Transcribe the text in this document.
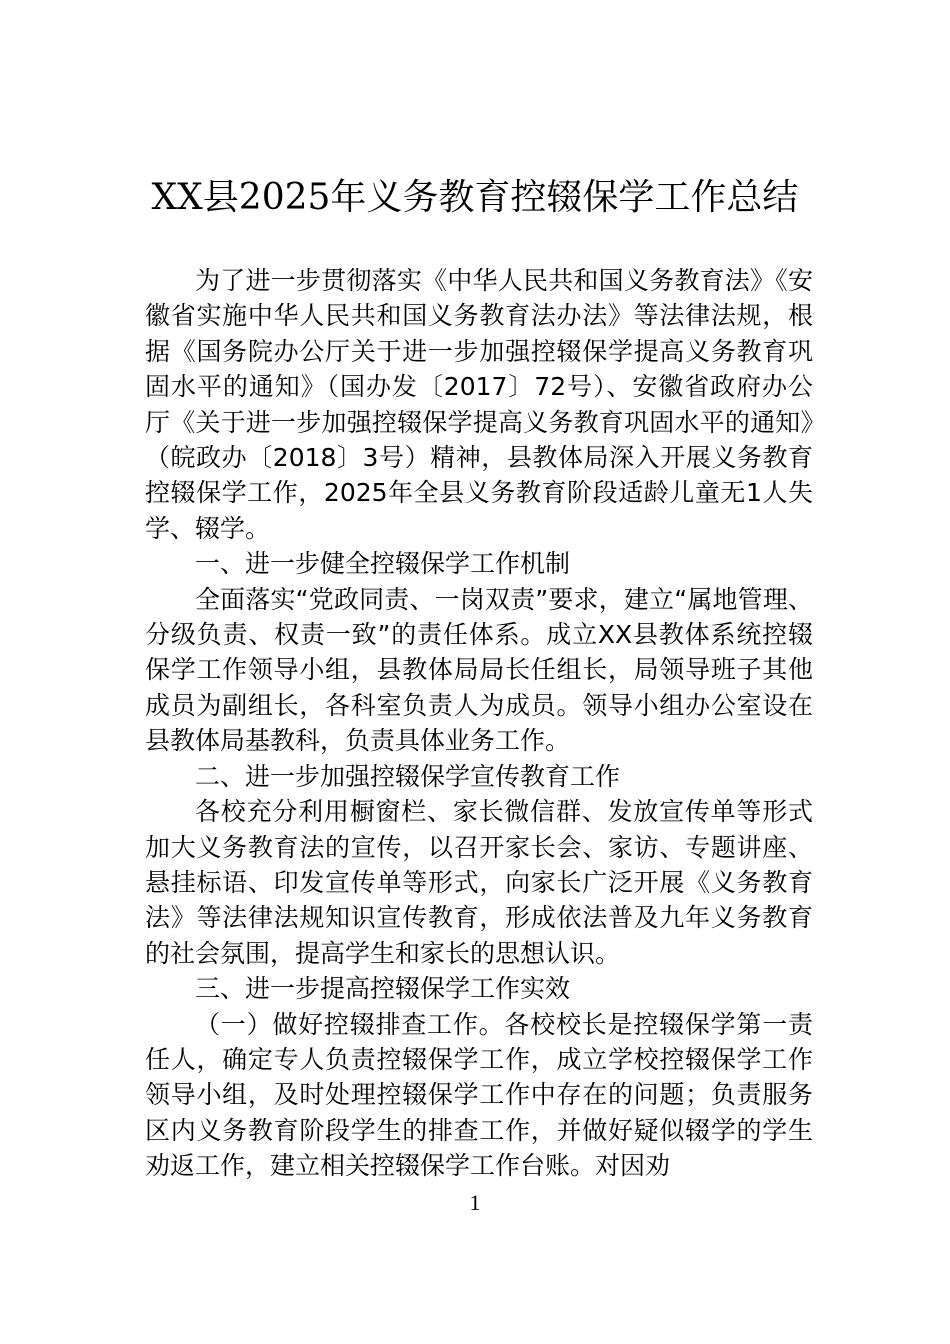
XX县2025年义务教育控辍保学工作总结

为了进一步贯彻落实《中华人民共和国义务教育法》《安徽省实施中华人民共和国义务教育法办法》等法律法规，根据《国务院办公厅关于进一步加强控辍保学提高义务教育巩固水平的通知》（国办发〔2017〕72号）、安徽省政府办公厅《关于进一步加强控辍保学提高义务教育巩固水平的通知》（皖政办〔2018〕3号）精神，县教体局深入开展义务教育控辍保学工作，2025年全县义务教育阶段适龄儿童无1人失学、辍学。

一、进一步健全控辍保学工作机制

全面落实“党政同责、一岗双责”要求，建立“属地管理、分级负责、权责一致”的责任体系。成立XX县教体系统控辍保学工作领导小组，县教体局局长任组长，局领导班子其他成员为副组长，各科室负责人为成员。领导小组办公室设在县教体局基教科，负责具体业务工作。

二、进一步加强控辍保学宣传教育工作

各校充分利用橱窗栏、家长微信群、发放宣传单等形式加大义务教育法的宣传，以召开家长会、家访、专题讲座、悬挂标语、印发宣传单等形式，向家长广泛开展《义务教育法》等法律法规知识宣传教育，形成依法普及九年义务教育的社会氛围，提高学生和家长的思想认识。

三、进一步提高控辍保学工作实效

（一）做好控辍排查工作。各校校长是控辍保学第一责任人，确定专人负责控辍保学工作，成立学校控辍保学工作领导小组，及时处理控辍保学工作中存在的问题；负责服务区内义务教育阶段学生的排查工作，并做好疑似辍学的学生劝返工作，建立相关控辍保学工作台账。对因劝

1
